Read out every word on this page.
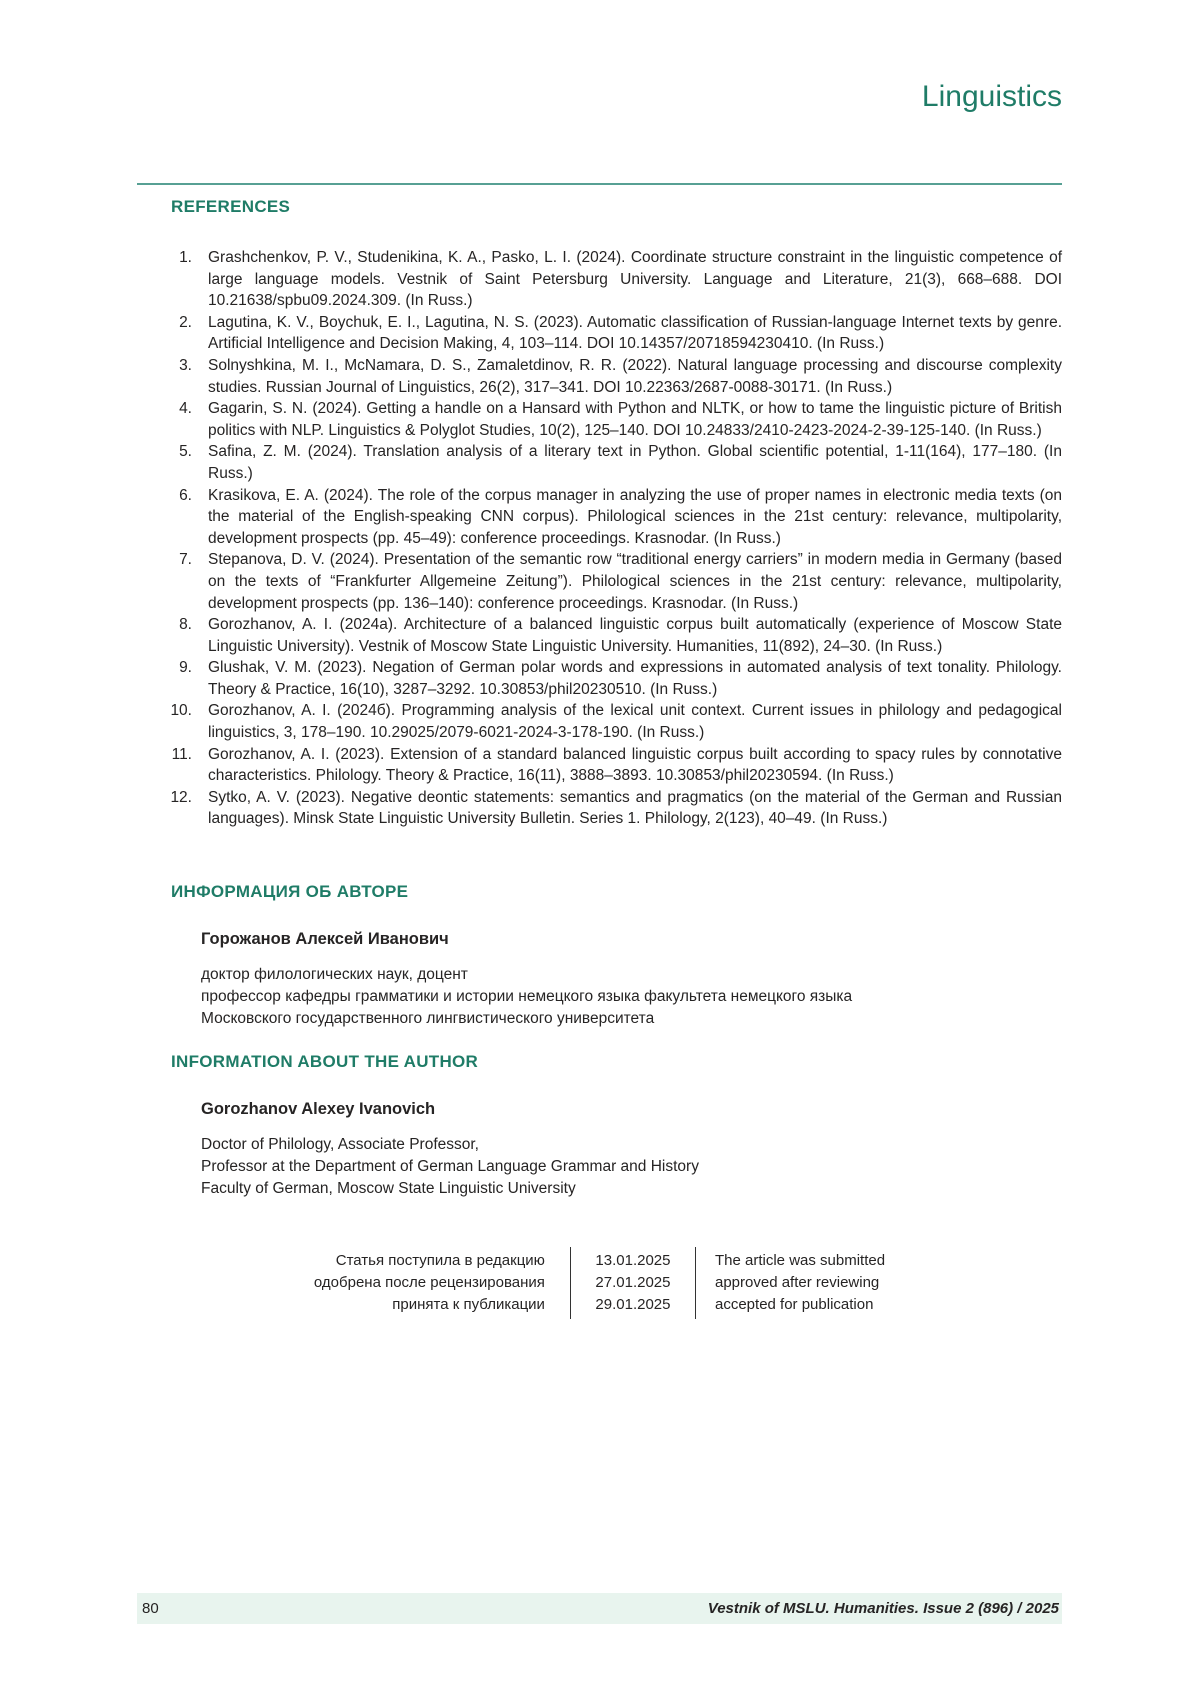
Linguistics
REFERENCES
1. Grashchenkov, P. V., Studenikina, K. A., Pasko, L. I. (2024). Coordinate structure constraint in the linguistic competence of large language models. Vestnik of Saint Petersburg University. Language and Literature, 21(3), 668–688. DOI 10.21638/spbu09.2024.309. (In Russ.)
2. Lagutina, K. V., Boychuk, E. I., Lagutina, N. S. (2023). Automatic classification of Russian-language Internet texts by genre. Artificial Intelligence and Decision Making, 4, 103–114. DOI 10.14357/20718594230410. (In Russ.)
3. Solnyshkina, M. I., McNamara, D. S., Zamaletdinov, R. R. (2022). Natural language processing and discourse complexity studies. Russian Journal of Linguistics, 26(2), 317–341. DOI 10.22363/2687-0088-30171. (In Russ.)
4. Gagarin, S. N. (2024). Getting a handle on a Hansard with Python and NLTK, or how to tame the linguistic picture of British politics with NLP. Linguistics & Polyglot Studies, 10(2), 125–140. DOI 10.24833/2410-2423-2024-2-39-125-140. (In Russ.)
5. Safina, Z. M. (2024). Translation analysis of a literary text in Python. Global scientific potential, 1-11(164), 177–180. (In Russ.)
6. Krasikova, E. A. (2024). The role of the corpus manager in analyzing the use of proper names in electronic media texts (on the material of the English-speaking CNN corpus). Philological sciences in the 21st century: relevance, multipolarity, development prospects (pp. 45–49): conference proceedings. Krasnodar. (In Russ.)
7. Stepanova, D. V. (2024). Presentation of the semantic row “traditional energy carriers” in modern media in Germany (based on the texts of “Frankfurter Allgemeine Zeitung”). Philological sciences in the 21st century: relevance, multipolarity, development prospects (pp. 136–140): conference proceedings. Krasnodar. (In Russ.)
8. Gorozhanov, A. I. (2024a). Architecture of a balanced linguistic corpus built automatically (experience of Moscow State Linguistic University). Vestnik of Moscow State Linguistic University. Humanities, 11(892), 24–30. (In Russ.)
9. Glushak, V. M. (2023). Negation of German polar words and expressions in automated analysis of text tonality. Philology. Theory & Practice, 16(10), 3287–3292. 10.30853/phil20230510. (In Russ.)
10. Gorozhanov, A. I. (2024б). Programming analysis of the lexical unit context. Current issues in philology and pedagogical linguistics, 3, 178–190. 10.29025/2079-6021-2024-3-178-190. (In Russ.)
11. Gorozhanov, A. I. (2023). Extension of a standard balanced linguistic corpus built according to spacy rules by connotative characteristics. Philology. Theory & Practice, 16(11), 3888–3893. 10.30853/phil20230594. (In Russ.)
12. Sytko, A. V. (2023). Negative deontic statements: semantics and pragmatics (on the material of the German and Russian languages). Minsk State Linguistic University Bulletin. Series 1. Philology, 2(123), 40–49. (In Russ.)
ИНФОРМАЦИЯ ОБ АВТОРЕ

Горожанов Алексей Иванович

доктор филологических наук, доцент

профессор кафедры грамматики и истории немецкого языка факультета немецкого языка

Московского государственного лингвистического университета

INFORMATION ABOUT THE AUTHOR

Gorozhanov Alexey Ivanovich

Doctor of Philology, Associate Professor,

Professor at the Department of German Language Grammar and History

Faculty of German, Moscow State Linguistic University

Статья поступила в редакцию
одобрена после рецензирования
принята к публикации
13.01.2025
27.01.2025
29.01.2025
The article was submitted
approved after reviewing
accepted for publication
80	Vestnik of MSLU. Humanities. Issue 2 (896) / 2025
